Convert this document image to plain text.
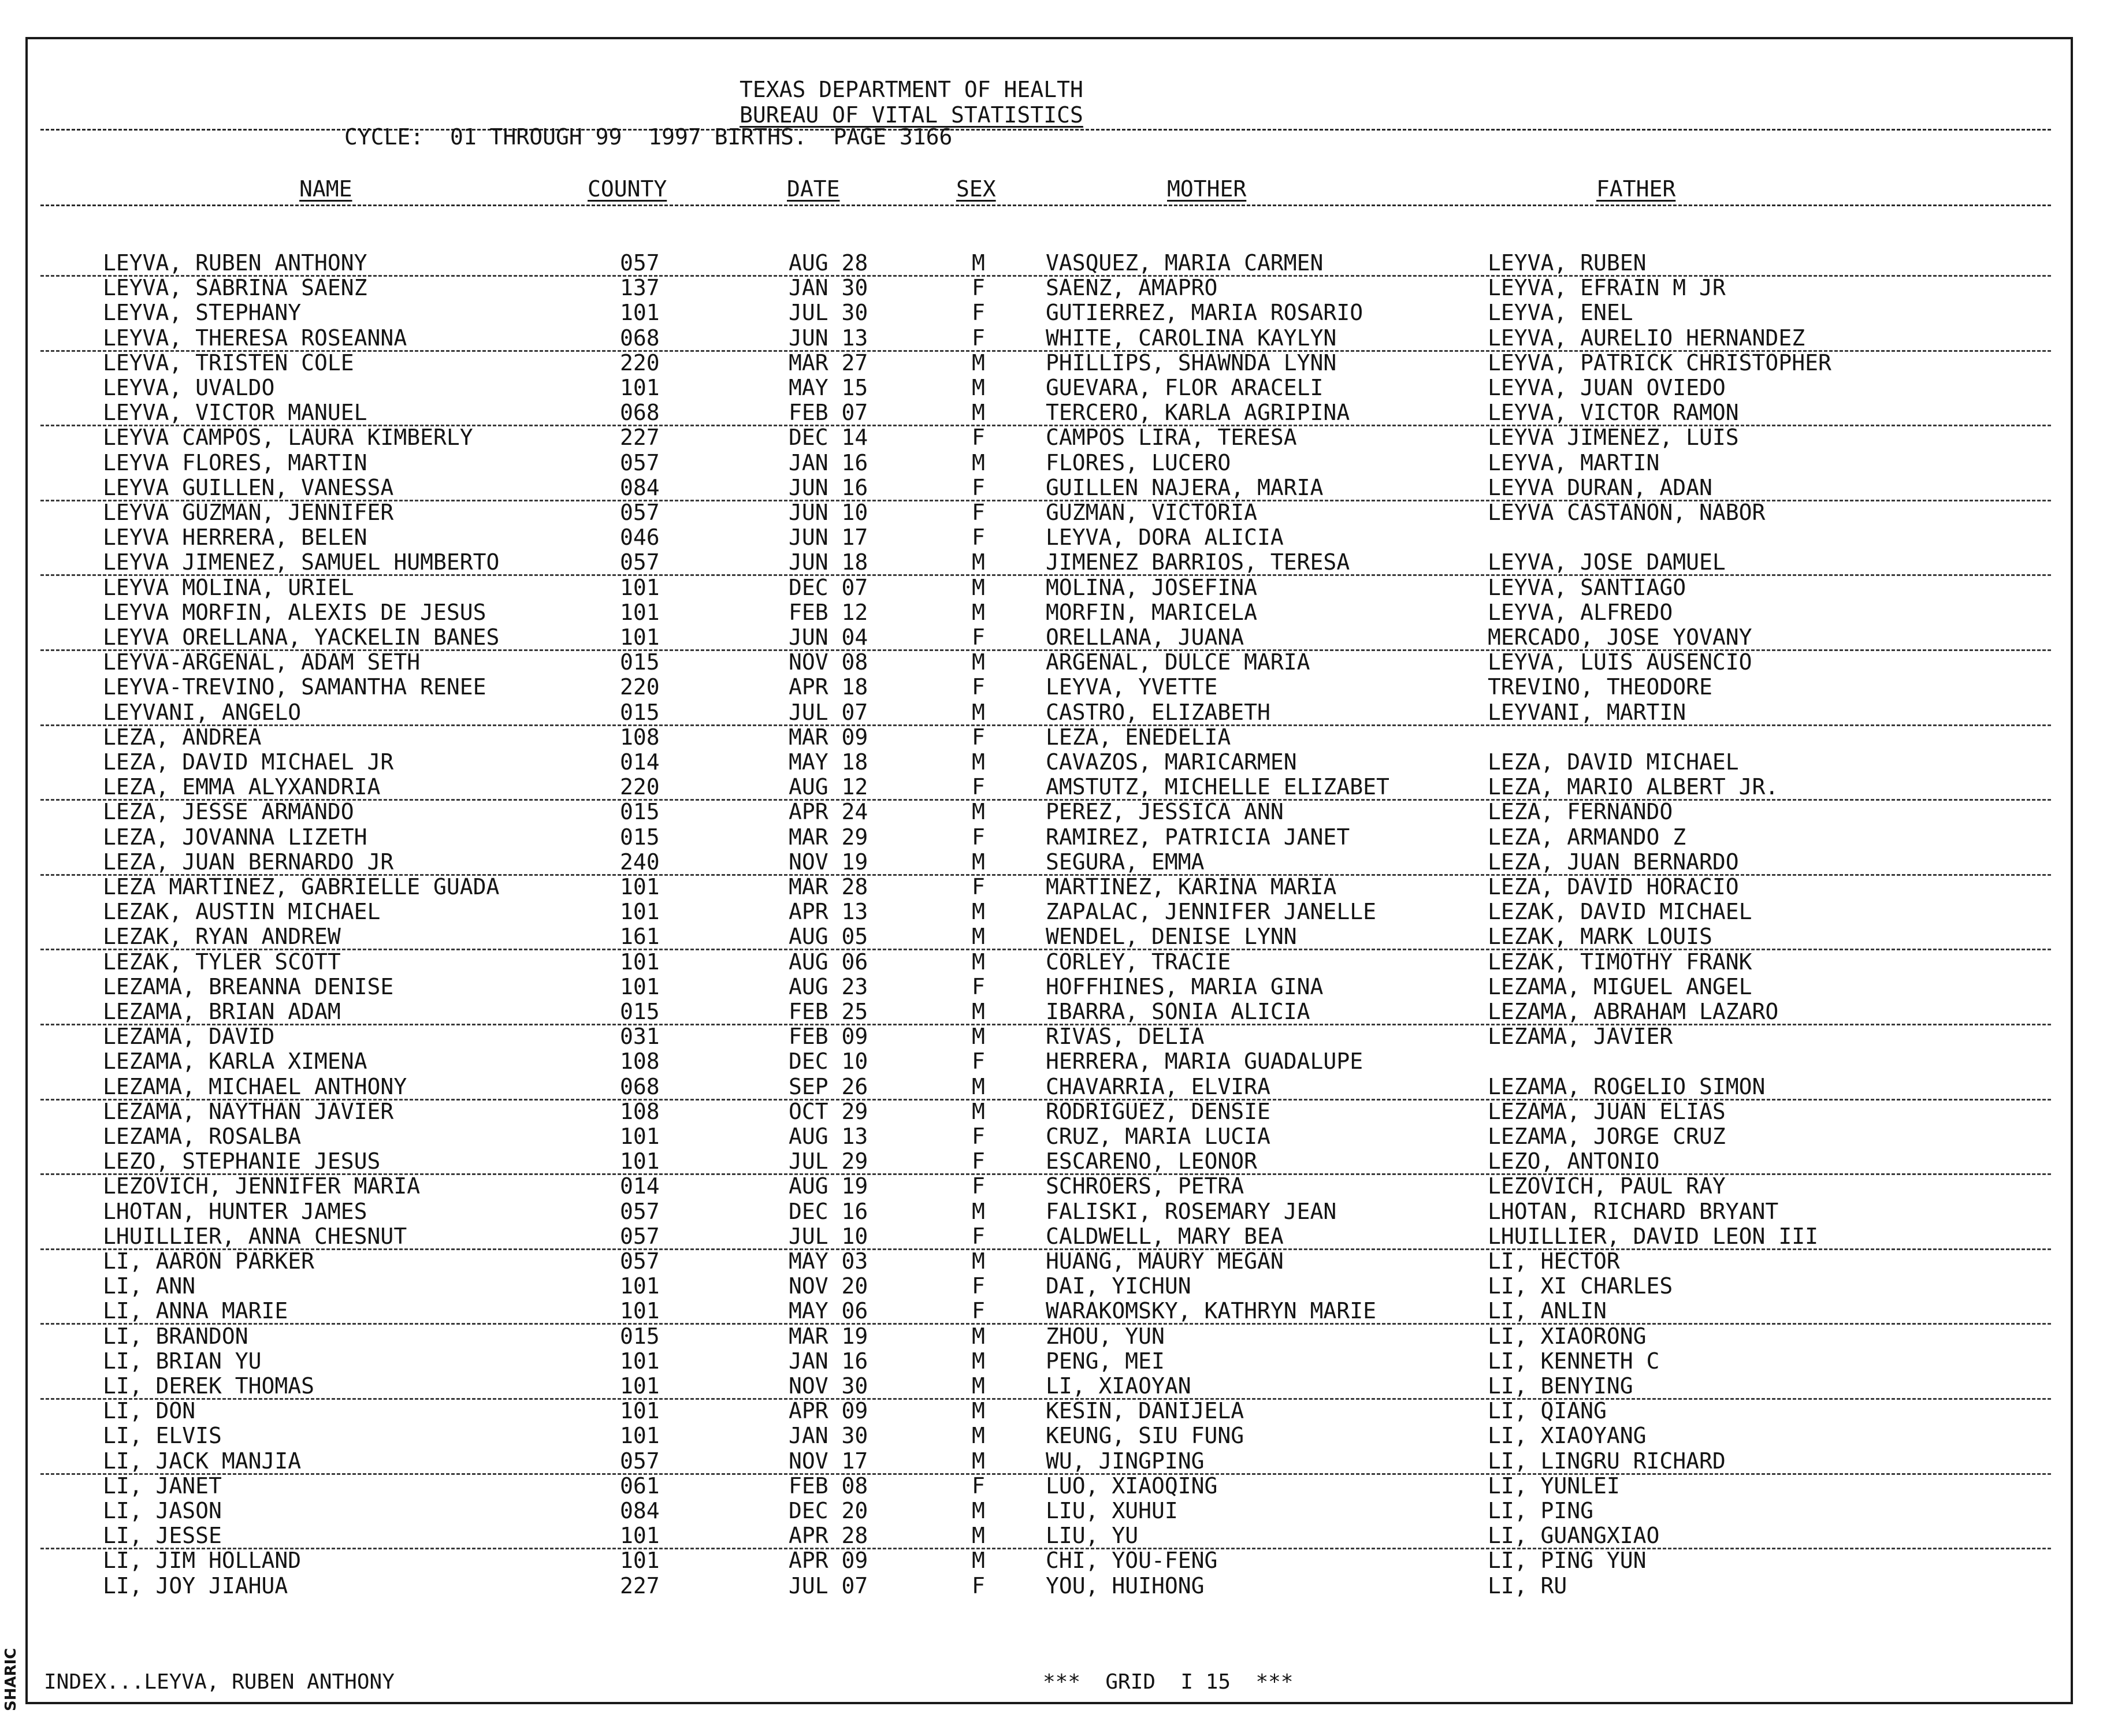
SHARIC
TEXAS DEPARTMENT OF HEALTH
BUREAU OF VITAL STATISTICS
CYCLE:  01 THROUGH 99  1997 BIRTHS.  PAGE 3166
NAME	COUNTY	DATE	SEX	MOTHER	FATHER
LEYVA, RUBEN ANTHONY	057	AUG 28	M	VASQUEZ, MARIA CARMEN	LEYVA, RUBEN
LEYVA, SABRINA SAENZ	137	JAN 30	F	SAENZ, AMAPRO	LEYVA, EFRAIN M JR
LEYVA, STEPHANY	101	JUL 30	F	GUTIERREZ, MARIA ROSARIO	LEYVA, ENEL
LEYVA, THERESA ROSEANNA	068	JUN 13	F	WHITE, CAROLINA KAYLYN	LEYVA, AURELIO HERNANDEZ
LEYVA, TRISTEN COLE	220	MAR 27	M	PHILLIPS, SHAWNDA LYNN	LEYVA, PATRICK CHRISTOPHER
LEYVA, UVALDO	101	MAY 15	M	GUEVARA, FLOR ARACELI	LEYVA, JUAN OVIEDO
LEYVA, VICTOR MANUEL	068	FEB 07	M	TERCERO, KARLA AGRIPINA	LEYVA, VICTOR RAMON
LEYVA CAMPOS, LAURA KIMBERLY	227	DEC 14	F	CAMPOS LIRA, TERESA	LEYVA JIMENEZ, LUIS
LEYVA FLORES, MARTIN	057	JAN 16	M	FLORES, LUCERO	LEYVA, MARTIN
LEYVA GUILLEN, VANESSA	084	JUN 16	F	GUILLEN NAJERA, MARIA	LEYVA DURAN, ADAN
LEYVA GUZMAN, JENNIFER	057	JUN 10	F	GUZMAN, VICTORIA	LEYVA CASTANON, NABOR
LEYVA HERRERA, BELEN	046	JUN 17	F	LEYVA, DORA ALICIA
LEYVA JIMENEZ, SAMUEL HUMBERTO	057	JUN 18	M	JIMENEZ BARRIOS, TERESA	LEYVA, JOSE DAMUEL
LEYVA MOLINA, URIEL	101	DEC 07	M	MOLINA, JOSEFINA	LEYVA, SANTIAGO
LEYVA MORFIN, ALEXIS DE JESUS	101	FEB 12	M	MORFIN, MARICELA	LEYVA, ALFREDO
LEYVA ORELLANA, YACKELIN BANES	101	JUN 04	F	ORELLANA, JUANA	MERCADO, JOSE YOVANY
LEYVA-ARGENAL, ADAM SETH	015	NOV 08	M	ARGENAL, DULCE MARIA	LEYVA, LUIS AUSENCIO
LEYVA-TREVINO, SAMANTHA RENEE	220	APR 18	F	LEYVA, YVETTE	TREVINO, THEODORE
LEYVANI, ANGELO	015	JUL 07	M	CASTRO, ELIZABETH	LEYVANI, MARTIN
LEZA, ANDREA	108	MAR 09	F	LEZA, ENEDELIA
LEZA, DAVID MICHAEL JR	014	MAY 18	M	CAVAZOS, MARICARMEN	LEZA, DAVID MICHAEL
LEZA, EMMA ALYXANDRIA	220	AUG 12	F	AMSTUTZ, MICHELLE ELIZABET	LEZA, MARIO ALBERT JR.
LEZA, JESSE ARMANDO	015	APR 24	M	PEREZ, JESSICA ANN	LEZA, FERNANDO
LEZA, JOVANNA LIZETH	015	MAR 29	F	RAMIREZ, PATRICIA JANET	LEZA, ARMANDO Z
LEZA, JUAN BERNARDO JR	240	NOV 19	M	SEGURA, EMMA	LEZA, JUAN BERNARDO
LEZA MARTINEZ, GABRIELLE GUADA	101	MAR 28	F	MARTINEZ, KARINA MARIA	LEZA, DAVID HORACIO
LEZAK, AUSTIN MICHAEL	101	APR 13	M	ZAPALAC, JENNIFER JANELLE	LEZAK, DAVID MICHAEL
LEZAK, RYAN ANDREW	161	AUG 05	M	WENDEL, DENISE LYNN	LEZAK, MARK LOUIS
LEZAK, TYLER SCOTT	101	AUG 06	M	CORLEY, TRACIE	LEZAK, TIMOTHY FRANK
LEZAMA, BREANNA DENISE	101	AUG 23	F	HOFFHINES, MARIA GINA	LEZAMA, MIGUEL ANGEL
LEZAMA, BRIAN ADAM	015	FEB 25	M	IBARRA, SONIA ALICIA	LEZAMA, ABRAHAM LAZARO
LEZAMA, DAVID	031	FEB 09	M	RIVAS, DELIA	LEZAMA, JAVIER
LEZAMA, KARLA XIMENA	108	DEC 10	F	HERRERA, MARIA GUADALUPE
LEZAMA, MICHAEL ANTHONY	068	SEP 26	M	CHAVARRIA, ELVIRA	LEZAMA, ROGELIO SIMON
LEZAMA, NAYTHAN JAVIER	108	OCT 29	M	RODRIGUEZ, DENSIE	LEZAMA, JUAN ELIAS
LEZAMA, ROSALBA	101	AUG 13	F	CRUZ, MARIA LUCIA	LEZAMA, JORGE CRUZ
LEZO, STEPHANIE JESUS	101	JUL 29	F	ESCARENO, LEONOR	LEZO, ANTONIO
LEZOVICH, JENNIFER MARIA	014	AUG 19	F	SCHROERS, PETRA	LEZOVICH, PAUL RAY
LHOTAN, HUNTER JAMES	057	DEC 16	M	FALISKI, ROSEMARY JEAN	LHOTAN, RICHARD BRYANT
LHUILLIER, ANNA CHESNUT	057	JUL 10	F	CALDWELL, MARY BEA	LHUILLIER, DAVID LEON III
LI, AARON PARKER	057	MAY 03	M	HUANG, MAURY MEGAN	LI, HECTOR
LI, ANN	101	NOV 20	F	DAI, YICHUN	LI, XI CHARLES
LI, ANNA MARIE	101	MAY 06	F	WARAKOMSKY, KATHRYN MARIE	LI, ANLIN
LI, BRANDON	015	MAR 19	M	ZHOU, YUN	LI, XIAORONG
LI, BRIAN YU	101	JAN 16	M	PENG, MEI	LI, KENNETH C
LI, DEREK THOMAS	101	NOV 30	M	LI, XIAOYAN	LI, BENYING
LI, DON	101	APR 09	M	KESIN, DANIJELA	LI, QIANG
LI, ELVIS	101	JAN 30	M	KEUNG, SIU FUNG	LI, XIAOYANG
LI, JACK MANJIA	057	NOV 17	M	WU, JINGPING	LI, LINGRU RICHARD
LI, JANET	061	FEB 08	F	LUO, XIAOQING	LI, YUNLEI
LI, JASON	084	DEC 20	M	LIU, XUHUI	LI, PING
LI, JESSE	101	APR 28	M	LIU, YU	LI, GUANGXIAO
LI, JIM HOLLAND	101	APR 09	M	CHI, YOU-FENG	LI, PING YUN
LI, JOY JIAHUA	227	JUL 07	F	YOU, HUIHONG	LI, RU
INDEX...LEYVA, RUBEN ANTHONY	***  GRID  I 15  ***
